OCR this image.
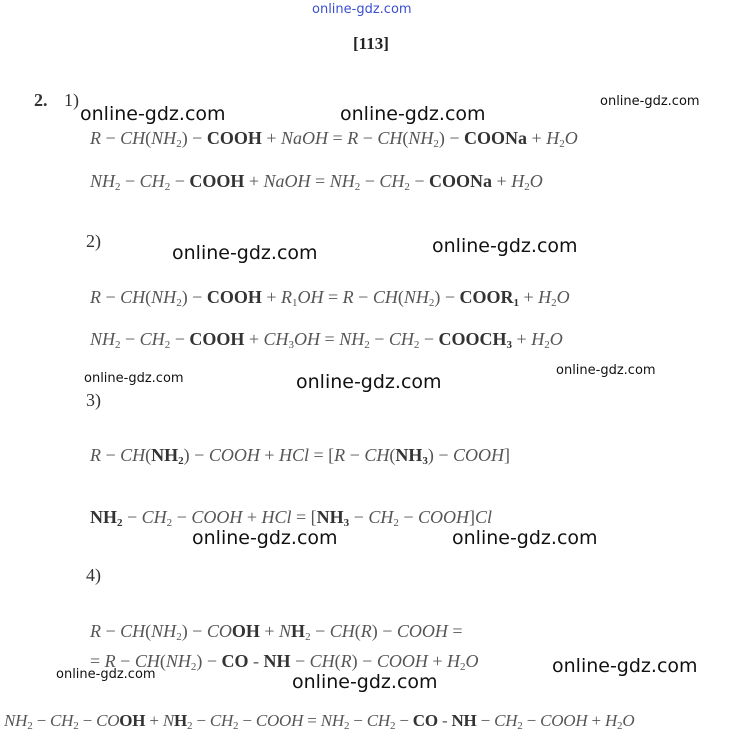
online-gdz.com
[113]
2. 1)
2)
3)
4)
$R - CH(NH_2)$ − COOH + NaOH = $R - CH(NH_2)$ − COONa + $H_2O$
$NH_2 - CH_2$ − COOH + NaOH = $NH_2 - CH_2$ − COONa + $H_2O$
$R - CH(NH_2)$ − COOH + $R_1OH = R - CH(NH_2)$ − $COOR_1 + H_2O$
$NH_2 - CH_2$ − COOH + $CH_3OH = NH_2 - CH_2$ − $COOCH_3 + H_2O$
$R - CH(NH_2)$ − COOH + HCl = [$R - CH(NH_3)$ − COOH]
$NH_2 - CH_2$ − COOH + HCl = [$NH_3 - CH_2$ − COOH]Cl
$R - CH(NH_2)$ − COOH + $NH_2 - CH(R)$ − COOH =
= $R - CH(NH_2)$ − CO - NH − CH(R) − COOH + $H_2O$
$NH_2 - CH_2$ − COOH + $NH_2 - CH_2$ − COOH = $NH_2 - CH_2$ − CO - NH − $CH_2$ − COOH + $H_2O$
online-gdz.com	online-gdz.com
online-gdz.com
online-gdz.com	online-gdz.com
online-gdz.com	online-gdz.com
online-gdz.com
online-gdz.com	online-gdz.com
online-gdz.com
online-gdz.com	online-gdz.com
